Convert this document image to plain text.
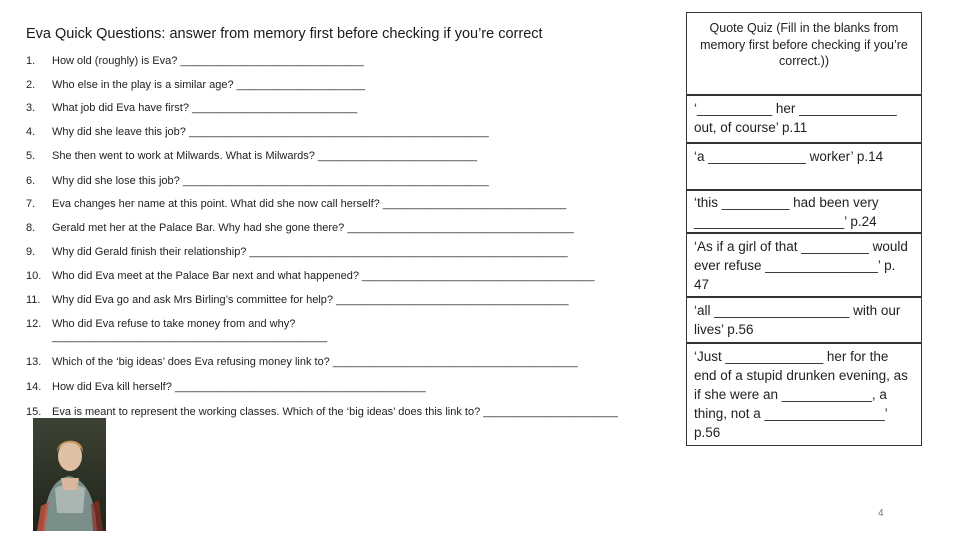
Eva Quick Questions: answer from memory first before checking if you’re correct
1. How old (roughly) is Eva? ______________________________
2. Who else in the play is a similar age? _____________________
3. What job did Eva have first? ___________________________
4. Why did she leave this job? _________________________________________________
5. She then went to work at Milwards. What is Milwards? __________________________
6. Why did she lose this job? __________________________________________________
7. Eva changes her name at this point. What did she now call herself? ______________________________
8. Gerald met her at the Palace Bar. Why had she gone there? _____________________________________
9. Why did Gerald finish their relationship? ____________________________________________________
10. Who did Eva meet at the Palace Bar next and what happened? ______________________________________
11. Why did Eva go and ask Mrs Birling’s committee for help? ______________________________________
12. Who did Eva refuse to take money from and why?
_____________________________________________
13. Which of the ‘big ideas’ does Eva refusing money link to? ________________________________________
14. How did Eva kill herself? _________________________________________
15. Eva is meant to represent the working classes. Which of the ‘big ideas’ does this link to? ______________________
Quote Quiz (Fill in the blanks from memory first before checking if you’re correct.))
‘__________ her _____________ out, of course’ p.11
‘a _____________ worker’ p.14
‘this _________ had been very ____________________’ p.24
‘As if a girl of that _________ would ever refuse _______________’ p. 47
‘all __________________ with our lives’ p.56
‘Just _____________ her for the end of a stupid drunken evening, as if she were an ____________, a thing, not a ________________’ p.56
4
